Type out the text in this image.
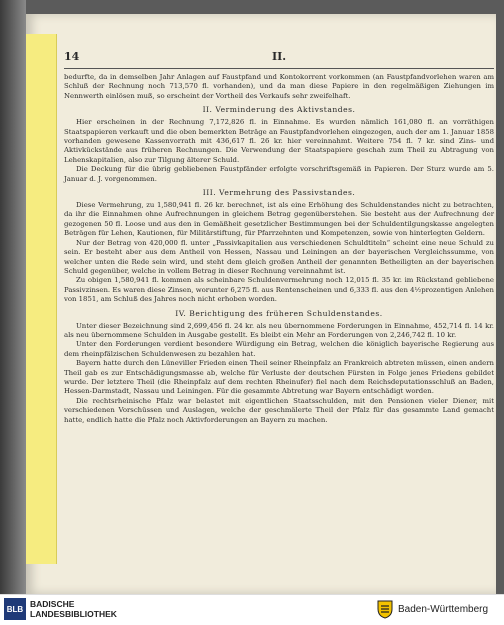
14	II.

bedurfte, da in demselben Jahr Anlagen auf Faustpfand und Kontokorrent vorkommen (an Faustpfandvorlehen waren am Schluß der Rechnung noch 713,570 fl. vorhanden), und da man diese Papiere in den regelmäßigen Ziehungen im Nennwerth einlösen muß, so erscheint der Vortheil des Verkaufs sehr zweifelhaft.

II. Verminderung des Aktivstandes.

Hier erscheinen in der Rechnung 7,172,826 fl. in Einnahme. Es wurden nämlich 161,080 fl. an vorräthigen Staatspapieren verkauft und die oben bemerkten Beträge an Faustpfandvorlehen eingezogen, auch der am 1. Januar 1858 vorhanden gewesene Kassenvorrath mit 436,617 fl. 26 kr. hier vereinnahmt. Weitere 754 fl. 7 kr. sind Zins- und Aktivkückstände aus früheren Rechnungen. Die Verwendung der Staatspapiere geschah zum Theil zu Abtragung von Lehenskapitalien, also zur Tilgung älterer Schuld.

Die Deckung für die übrig gebliebenen Faustpfänder erfolgte vorschriftsgemäß in Papieren. Der Sturz wurde am 5. Januar d. J. vorgenommen.

III. Vermehrung des Passivstandes.

Diese Vermehrung, zu 1,580,941 fl. 26 kr. berechnet, ist als eine Erhöhung des Schuldenstandes nicht zu betrachten, da ihr die Einnahmen ohne Aufrechnungen in gleichem Betrag gegenüberstehen. Sie besteht aus der Aufrechnung der gezogenen 50 fl. Loose und aus den in Gemäßheit gesetzlicher Bestimmungen bei der Schuldentilgungskasse angelegten Beträgen für Lehen, Kautionen, für Militärstiftung, für Pfarrzehnten und Kompetenzen, sowie von hinterlegten Geldern.

Nur der Betrag von 420,000 fl. unter „Passivkapitalien aus verschiedenen Schuldtiteln“ scheint eine neue Schuld zu sein. Er besteht aber aus dem Antheil von Hessen, Nassau und Leiningen an der bayerischen Vergleichssumme, von welcher unten die Rede sein wird, und steht dem gleich großen Antheil der genannten Betheiligten an der bayerischen Schuld gegenüber, welche in vollem Betrag in dieser Rechnung vereinnahmt ist.

Zu obigen 1,580,941 fl. kommen als scheinbare Schuldenvermehrung noch 12,015 fl. 35 kr. im Rückstand gebliebene Passivzinsen. Es waren diese Zinsen, worunter 6,275 fl. aus Rentenscheinen und 6,333 fl. aus den 4½prozentigen Anlehen von 1851, am Schluß des Jahres noch nicht erhoben worden.

IV. Berichtigung des früheren Schuldenstandes.

Unter dieser Bezeichnung sind 2,699,456 fl. 24 kr. als neu übernommene Forderungen in Einnahme, 452,714 fl. 14 kr. als neu übernommene Schulden in Ausgabe gestellt. Es bleibt ein Mehr an Forderungen von 2,246,742 fl. 10 kr.

Unter den Forderungen verdient besondere Würdigung ein Betrag, welchen die königlich bayerische Regierung aus dem rheinpfälzischen Schuldenwesen zu bezahlen hat.

Bayern hatte durch den Lüneviller Frieden einen Theil seiner Rheinpfalz an Frankreich abtreten müssen, einen andern Theil gab es zur Entschädigungsmasse ab, welche für Verluste der deutschen Fürsten in Folge jenes Friedens gebildet wurde. Der letztere Theil (die Rheinpfalz auf dem rechten Rheinufer) fiel nach dem Reichsdeputationsschluß an Baden, Hessen-Darmstadt, Nassau und Leiningen. Für die gesammte Abtretung war Bayern entschädigt worden.

Die rechtsrheinische Pfalz war belastet mit eigentlichen Staatsschulden, mit den Pensionen vieler Diener, mit verschiedenen Vorschüssen und Auslagen, welche der geschmälerte Theil der Pfalz für das gesammte Land gemacht hatte, endlich hatte die Pfalz noch Aktivforderungen an Bayern zu machen.

BLB BADISCHE
LANDESBIBLIOTHEK	Baden-Württemberg
